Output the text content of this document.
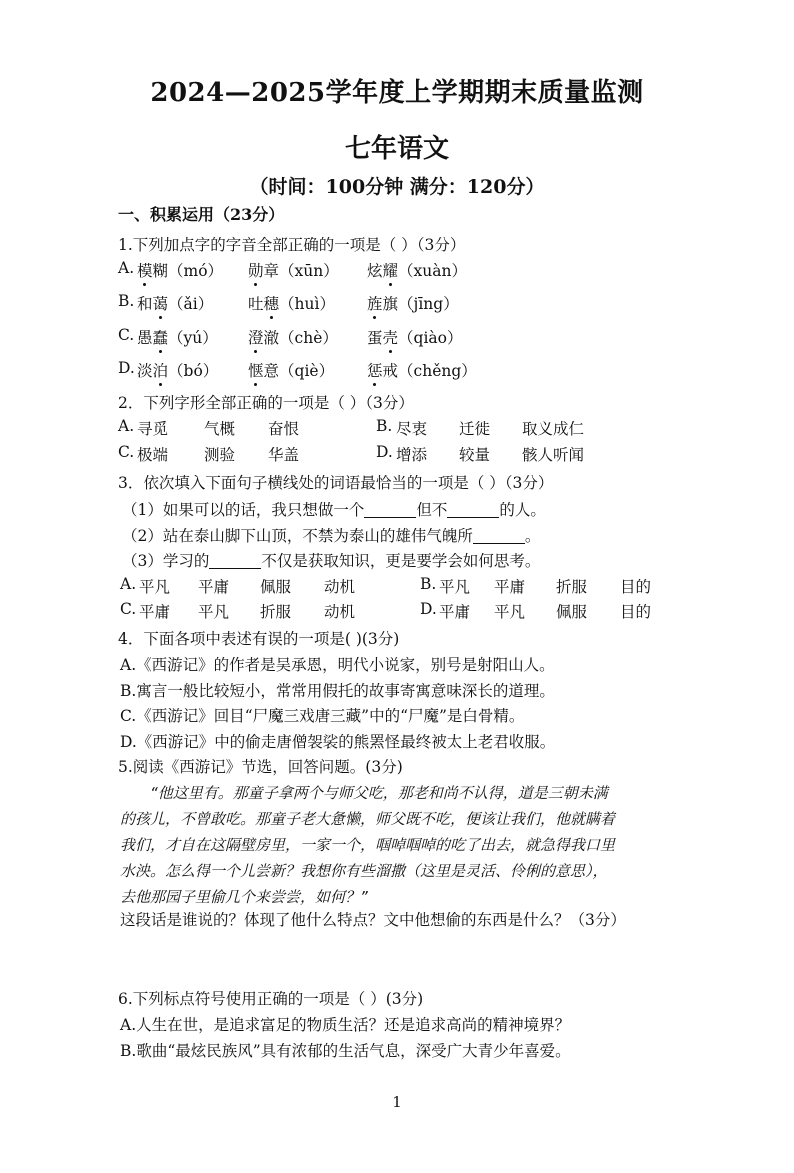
2024—2025学年度上学期期末质量监测
七年语文
（时间：100分钟 满分：120分）
一、积累运用（23分）
1.下列加点字的字音全部正确的一项是（ ）（3分）
A. 模糊（mó） 勋章（xūn） 炫耀（xuàn）
B. 和蔼（ǎi） 吐穗（huì） 旌旗（jīng）
C. 愚蠢（yú） 澄澈（chè） 蛋壳（qiào）
D. 淡泊（bó） 惬意（qiè） 惩戒（chěng）
2．下列字形全部正确的一项是（ ）（3分）
A. 寻觅 气概 奋恨	B. 尽衷 迁徙 取义成仁
C. 极端 测验 华盖	D. 增添 较量 骸人听闻
3．依次填入下面句子横线处的词语最恰当的一项是（ ）（3分）
（1）如果可以的话，我只想做一个	但不	的人。
（2）站在泰山脚下山顶，不禁为泰山的雄伟气魄所	。
（3）学习的	不仅是获取知识，更是要学会如何思考。
A. 平凡 平庸 佩服 动机	B. 平凡 平庸 折服 目的
C. 平庸 平凡 折服 动机	D. 平庸 平凡 佩服 目的
4．下面各项中表述有误的一项是( )(3分)
A.《西游记》的作者是吴承恩，明代小说家，别号是射阳山人。
B.寓言一般比较短小，常常用假托的故事寄寓意味深长的道理。
C.《西游记》回目“尸魔三戏唐三藏”中的“尸魔”是白骨精。
D.《西游记》中的偷走唐僧袈裟的熊罴怪最终被太上老君收服。
5.阅读《西游记》节选，回答问题。(3分)
“他这里有。那童子拿两个与师父吃，那老和尚不认得，道是三朝未满
的孩儿，不曾敢吃。那童子老大惫懒，师父既不吃，便该让我们，他就瞒着
我们，才自在这隔壁房里，一家一个，啯啅啯啅的吃了出去，就急得我口里
水泱。怎么得一个儿尝新？我想你有些溜撒（这里是灵活、伶俐的意思），
去他那园子里偷几个来尝尝，如何？”
这段话是谁说的？体现了他什么特点？文中他想偷的东西是什么？（3分）
6.下列标点符号使用正确的一项是（ ）(3分)
A.人生在世，是追求富足的物质生活？还是追求高尚的精神境界？
B.歌曲“最炫民族风”具有浓郁的生活气息，深受广大青少年喜爱。
1
